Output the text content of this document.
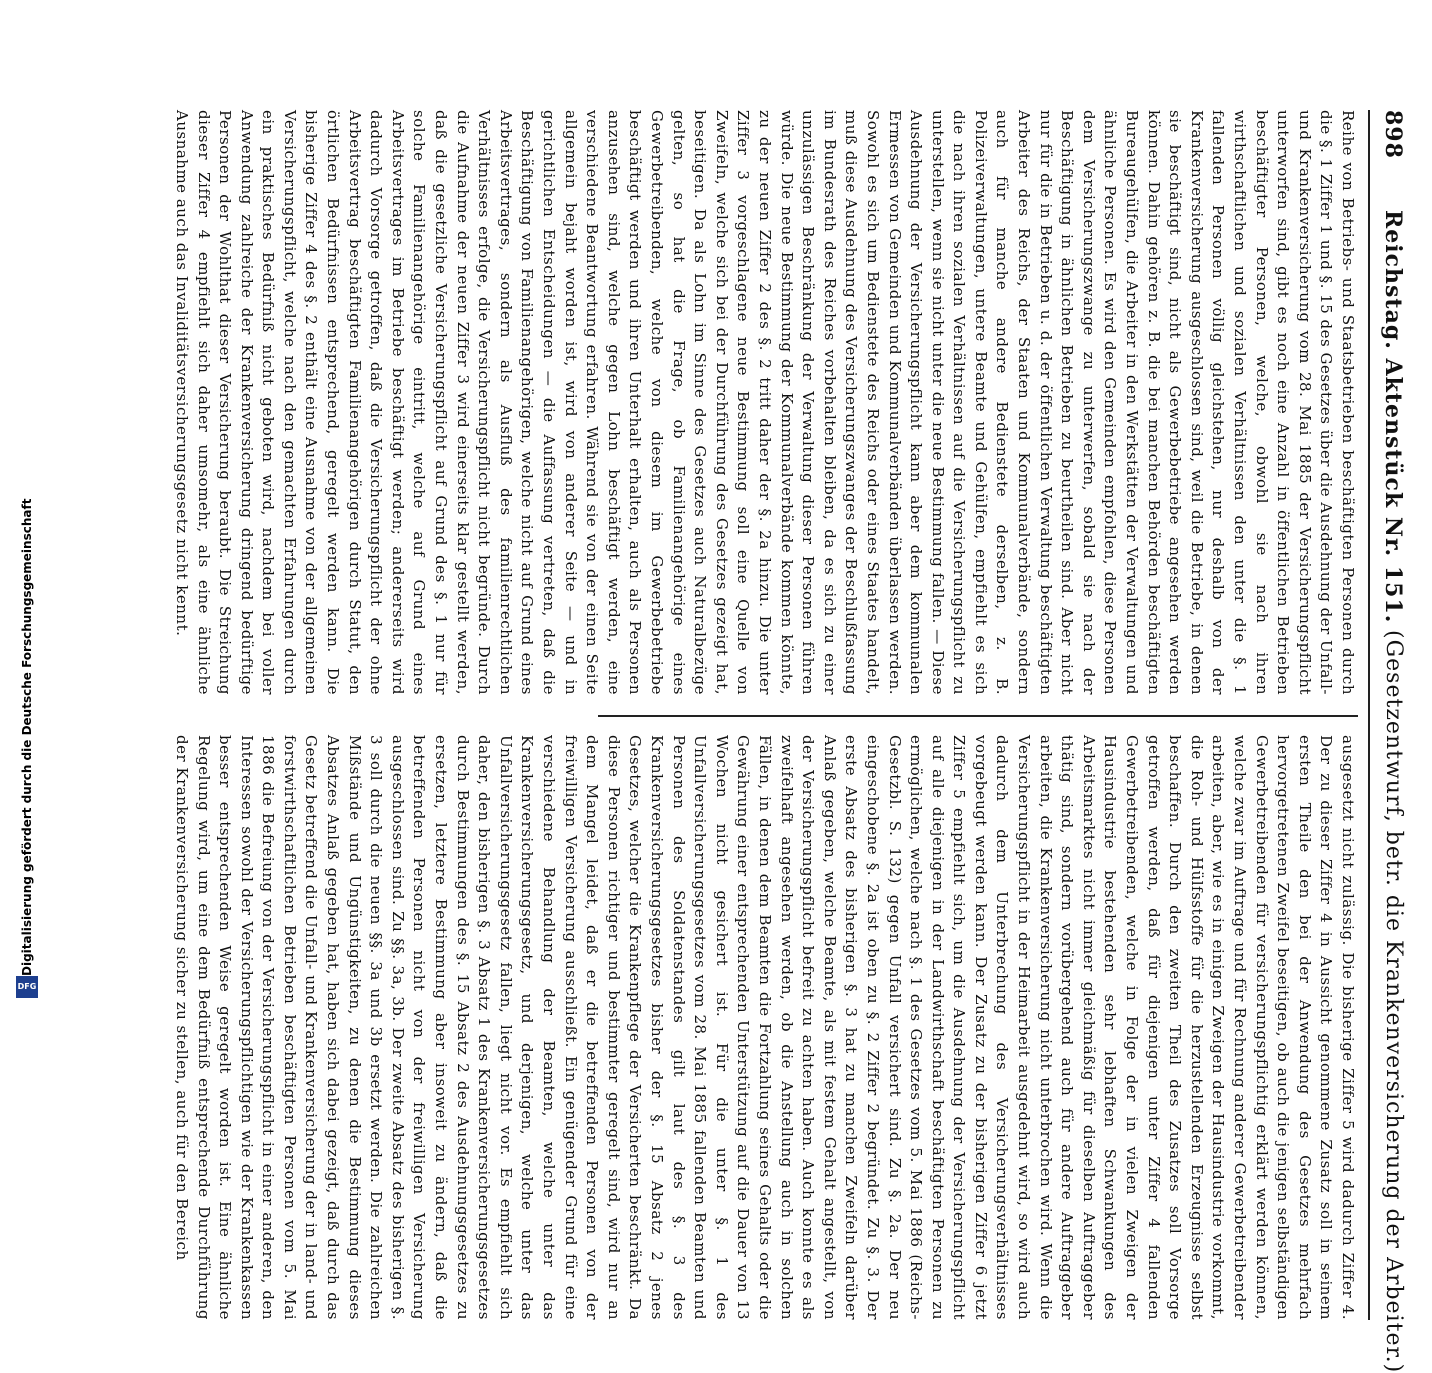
898
Reichstag. Aktenstück Nr. 151.
(Gesetzentwurf, betr. die Krankenversicherung der Arbeiter.)
Reihe von Betriebs- und Staatsbetrieben beschäftigten Personen durch die §. 1 Ziffer 1 und §. 15 des Gesetzes über die Ausdehnung der Unfall- und Krankenversicherung vom 28. Mai 1885 der Versicherungspflicht unterworfen sind, gibt es noch eine Anzahl in öffentlichen Betrieben beschäftigter Personen, welche, obwohl sie nach ihren wirthschaftlichen und sozialen Verhältnissen den unter die §. 1 fallenden Personen völlig gleichstehen, nur deshalb von der Krankenversicherung ausgeschlossen sind, weil die Betriebe, in denen sie beschäftigt sind, nicht als Gewerbebetriebe angesehen werden können. Dahin gehören z. B. die bei manchen Behörden beschäftigten Bureaugehülfen, die Arbeiter in den Werkstätten der Verwaltungen und ähnliche Personen. Es wird den Gemeinden empfohlen, diese Personen dem Versicherungszwange zu unterwerfen, sobald sie nach der Beschäftigung in ähnlichen Betrieben zu beurtheilen sind. Aber nicht nur für die in Betrieben u. d. der öffentlichen Verwaltung beschäftigten Arbeiter des Reichs, der Staaten und Kommunalverbände, sondern auch für manche andere Bedienstete derselben, z. B. Polizeiverwaltungen, untere Beamte und Gehülfen, empfiehlt es sich die nach ihren sozialen Verhältnissen auf die Versicherungspflicht zu unterstellen, wenn sie nicht unter die neue Bestimmung fallen. — Diese Ausdehnung der Versicherungspflicht kann aber dem kommunalen Ermessen von Gemeinden und Kommunalverbänden überlassen werden. Sowohl es sich um Bedienstete des Reichs oder eines Staates handelt, muß diese Ausdehnung des Versicherungszwanges der Beschlußfassung im Bundesrath des Reiches vorbehalten bleiben, da es sich zu einer unzulässigen Beschränkung der Verwaltung dieser Personen führen würde. Die neue Bestimmung der Kommunalverbände kommen könnte, zu der neuen Ziffer 2 des §. 2 tritt daher der §. 2a hinzu. Die unter Ziffer 3 vorgeschlagene neue Bestimmung soll eine Quelle von Zweifeln, welche sich bei der Durchführung des Gesetzes gezeigt hat, beseitigen. Da als Lohn im Sinne des Gesetzes auch Naturalbezüge gelten, so hat die Frage, ob Familienangehörige eines Gewerbetreibenden, welche von diesem im Gewerbebetriebe beschäftigt werden und ihren Unterhalt erhalten, auch als Personen anzusehen sind, welche gegen Lohn beschäftigt werden, eine verschiedene Beantwortung erfahren. Während sie von der einen Seite allgemein bejaht worden ist, wird von anderer Seite — und in gerichtlichen Entscheidungen — die Auffassung vertreten, daß die Beschäftigung von Familienangehörigen, welche nicht auf Grund eines Arbeitsvertrages, sondern als Ausfluß des familienrechtlichen Verhältnisses erfolge, die Versicherungspflicht nicht begründe. Durch die Aufnahme der neuen Ziffer 3 wird einerseits klar gestellt werden, daß die gesetzliche Versicherungspflicht auf Grund des §. 1 nur für solche Familienangehörige eintritt, welche auf Grund eines Arbeitsvertrages im Betriebe beschäftigt werden; andererseits wird dadurch Vorsorge getroffen, daß die Versicherungspflicht der ohne Arbeitsvertrag beschäftigten Familienangehörigen durch Statut, den örtlichen Bedürfnissen entsprechend, geregelt werden kann. Die bisherige Ziffer 4 des §. 2 enthält eine Ausnahme von der allgemeinen Versicherungspflicht, welche nach den gemachten Erfahrungen durch ein praktisches Bedürfniß nicht geboten wird, nachdem bei voller Anwendung zahlreiche der Krankenversicherung dringend bedürftige Personen der Wohlthat dieser Versicherung beraubt. Die Streichung dieser Ziffer 4 empfiehlt sich daher umsomehr, als eine ähnliche Ausnahme auch das Invaliditätsversicherungsgesetz nicht kennt.
ausgesetzt nicht zulässig. Die bisherige Ziffer 5 wird dadurch Ziffer 4. Der zu dieser Ziffer 4 in Aussicht genommene Zusatz soll in seinem ersten Theile den bei der Anwendung des Gesetzes mehrfach hervorgetretenen Zweifel beseitigen, ob auch die jenigen selbständigen Gewerbetreibenden für versicherungspflichtig erklärt werden können, welche zwar im Auftrage und für Rechnung anderer Gewerbetreibender arbeiten, aber, wie es in einigen Zweigen der Hausindustrie vorkommt, die Roh- und Hülfsstoffe für die herzustellenden Erzeugnisse selbst beschaffen. Durch den zweiten Theil des Zusatzes soll Vorsorge getroffen werden, daß für diejenigen unter Ziffer 4 fallenden Gewerbetreibenden, welche in Folge der in vielen Zweigen der Hausindustrie bestehenden sehr lebhaften Schwankungen des Arbeitsmarktes nicht immer gleichmäßig für dieselben Auftraggeber thätig sind, sondern vorübergehend auch für andere Auftraggeber arbeiten, die Krankenversicherung nicht unterbrochen wird. Wenn die Versicherungspflicht in der Heimarbeit ausgedehnt wird, so wird auch dadurch dem Unterbrechung des Versicherungsverhältnisses vorgebeugt werden kann. Der Zusatz zu der bisherigen Ziffer 6 jetzt Ziffer 5 empfiehlt sich, um die Ausdehnung der Versicherungspflicht auf alle diejenigen in der Landwirthschaft beschäftigten Personen zu ermöglichen, welche nach §. 1 des Gesetzes vom 5. Mai 1886 (Reichs-Gesetzbl. S. 132) gegen Unfall versichert sind. Zu §. 2a. Der neu eingeschobene §. 2a ist oben zu §. 2 Ziffer 2 begründet. Zu §. 3. Der erste Absatz des bisherigen §. 3 hat zu manchen Zweifeln darüber Anlaß gegeben, welche Beamte, als mit festem Gehalt angestellt, von der Versicherungspflicht befreit zu achten haben. Auch konnte es als zweifelhaft angesehen werden, ob die Anstellung auch in solchen Fällen, in denen dem Beamten die Fortzahlung seines Gehalts oder die Gewährung einer entsprechenden Unterstützung auf die Dauer von 13 Wochen nicht gesichert ist. Für die unter §. 1 des Unfallversicherungsgesetzes vom 28. Mai 1885 fallenden Beamten und Personen des Soldatenstandes gilt laut des §. 3 des Krankenversicherungsgesetzes bisher der §. 15 Absatz 2 jenes Gesetzes, welcher die Krankenpflege der Versicherten beschränkt. Da diese Personen richtiger und bestimmter geregelt sind, wird nur an dem Mangel leidet, daß er die betreffenden Personen von der freiwilligen Versicherung ausschließt. Ein genügender Grund für eine verschiedene Behandlung der Beamten, welche unter das Krankenversicherungsgesetz, und derjenigen, welche unter das Unfallversicherungsgesetz fallen, liegt nicht vor. Es empfiehlt sich daher, den bisherigen §. 3 Absatz 1 des Krankenversicherungsgesetzes durch Bestimmungen des §. 15 Absatz 2 des Ausdehnungsgesetzes zu ersetzen, letztere Bestimmung aber insoweit zu ändern, daß die betreffenden Personen nicht von der freiwilligen Versicherung ausgeschlossen sind. Zu §§. 3a, 3b. Der zweite Absatz des bisherigen §. 3 soll durch die neuen §§. 3a und 3b ersetzt werden. Die zahlreichen Mißstände und Ungünstigkeiten, zu denen die Bestimmung dieses Absatzes Anlaß gegeben hat, haben sich dabei gezeigt, daß durch das Gesetz betreffend die Unfall- und Krankenversicherung der in land- und forstwirthschaftlichen Betrieben beschäftigten Personen vom 5. Mai 1886 die Befreiung von der Versicherungspflicht in einer anderen, den Interessen sowohl der Versicherungspflichtigen wie der Krankenkassen besser entsprechenden Weise geregelt worden ist. Eine ähnliche Regelung wird, um eine dem Bedürfniß entsprechende Durchführung der Krankenversicherung sicher zu stellen, auch für den Bereich
Digitalisierung gefördert durch die Deutsche Forschungsgemeinschaft
DFG
